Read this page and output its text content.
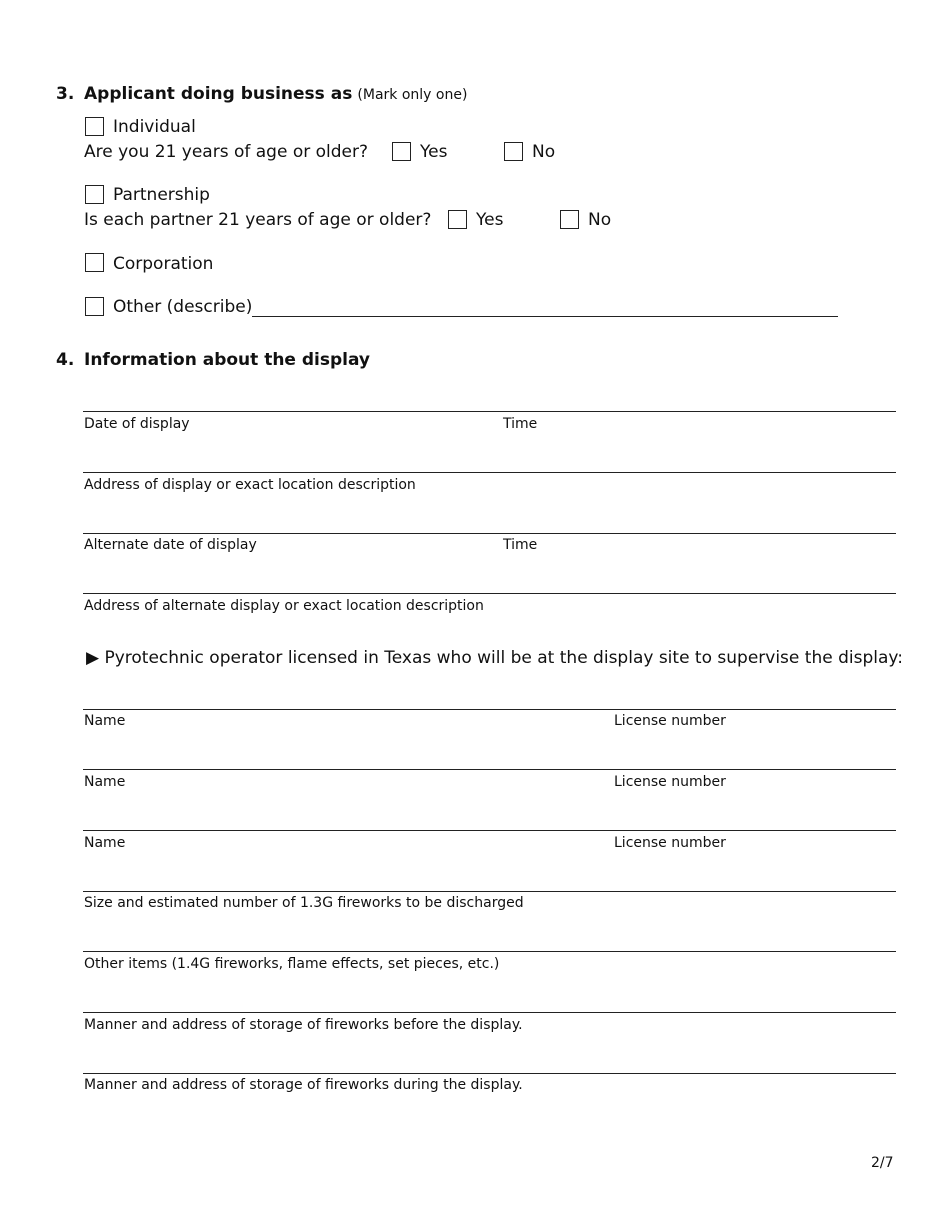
3. Applicant doing business as (Mark only one)
Individual
Are you 21 years of age or older?	Yes	No
Partnership
Is each partner 21 years of age or older?	Yes	No
Corporation
Other (describe)
4. Information about the display
Date of display	Time
Address of display or exact location description
Alternate date of display	Time
Address of alternate display or exact location description
▶ Pyrotechnic operator licensed in Texas who will be at the display site to supervise the display:
Name	License number
Name	License number
Name	License number
Size and estimated number of 1.3G fireworks to be discharged
Other items (1.4G fireworks, flame effects, set pieces, etc.)
Manner and address of storage of fireworks before the display.
Manner and address of storage of fireworks during the display.
2/7
